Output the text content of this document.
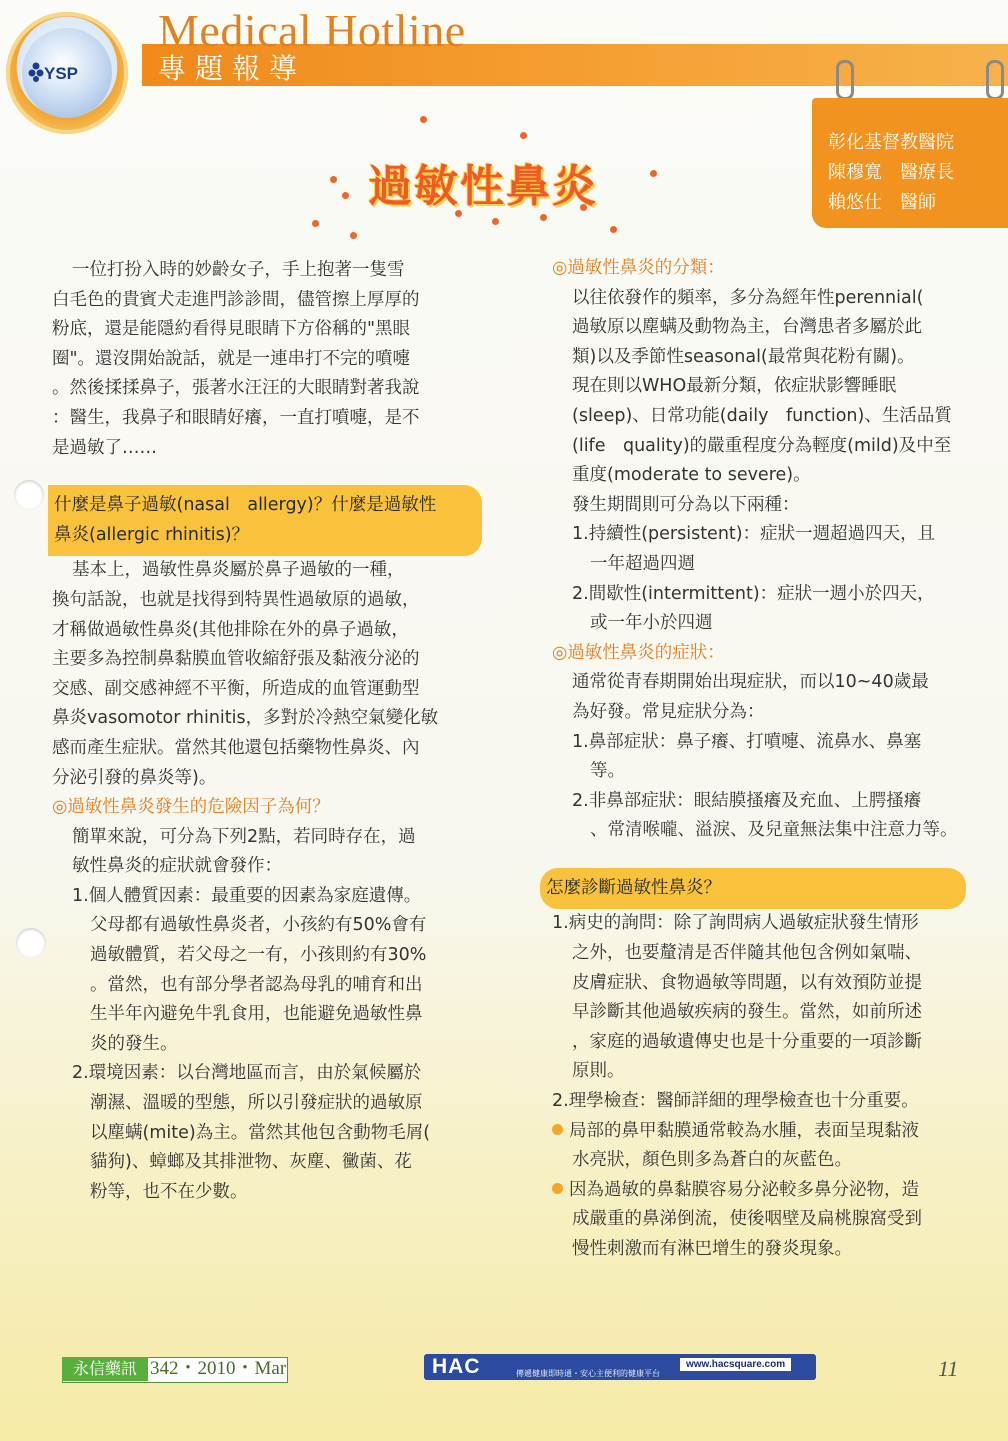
YSP
Medical Hotline
專題報導
彰化基督教醫院
陳穆寬　醫療長
賴悠仕　醫師
過敏性鼻炎

一位打扮入時的妙齡女子，手上抱著一隻雪

白毛色的貴賓犬走進門診診間，儘管擦上厚厚的

粉底，還是能隱約看得見眼睛下方俗稱的"黑眼

圈"。還沒開始說話，就是一連串打不完的噴嚏

。然後揉揉鼻子，張著水汪汪的大眼睛對著我說

：醫生，我鼻子和眼睛好癢，一直打噴嚏，是不

是過敏了……

什麼是鼻子過敏(nasal　allergy)？什麼是過敏性

鼻炎(allergic rhinitis)？

基本上，過敏性鼻炎屬於鼻子過敏的一種，

換句話說，也就是找得到特異性過敏原的過敏，

才稱做過敏性鼻炎(其他排除在外的鼻子過敏，

主要多為控制鼻黏膜血管收縮舒張及黏液分泌的

交感、副交感神經不平衡，所造成的血管運動型

鼻炎vasomotor rhinitis，多對於冷熱空氣變化敏

感而產生症狀。當然其他還包括藥物性鼻炎、內

分泌引發的鼻炎等)。

◎過敏性鼻炎發生的危險因子為何？

簡單來說，可分為下列2點，若同時存在，過

敏性鼻炎的症狀就會發作：

1.個人體質因素：最重要的因素為家庭遺傳。

父母都有過敏性鼻炎者，小孩約有50%會有

過敏體質，若父母之一有，小孩則約有30%

。當然，也有部分學者認為母乳的哺育和出

生半年內避免牛乳食用，也能避免過敏性鼻

炎的發生。

2.環境因素：以台灣地區而言，由於氣候屬於

潮濕、溫暖的型態，所以引發症狀的過敏原

以塵螨(mite)為主。當然其他包含動物毛屑(

貓狗)、蟑螂及其排泄物、灰塵、黴菌、花

粉等，也不在少數。

◎過敏性鼻炎的分類：

以往依發作的頻率，多分為經年性perennial(

過敏原以塵螨及動物為主，台灣患者多屬於此

類)以及季節性seasonal(最常與花粉有關)。

現在則以WHO最新分類，依症狀影響睡眠

(sleep)、日常功能(daily　function)、生活品質

(life　quality)的嚴重程度分為輕度(mild)及中至

重度(moderate to severe)。

發生期間則可分為以下兩種：

1.持續性(persistent)：症狀一週超過四天，且

一年超過四週

2.間歇性(intermittent)：症狀一週小於四天，

或一年小於四週

◎過敏性鼻炎的症狀：

通常從青春期開始出現症狀，而以10~40歲最

為好發。常見症狀分為：

1.鼻部症狀：鼻子癢、打噴嚏、流鼻水、鼻塞

等。

2.非鼻部症狀：眼結膜搔癢及充血、上腭搔癢

、常清喉嚨、溢淚、及兒童無法集中注意力等。

怎麼診斷過敏性鼻炎？

1.病史的詢問：除了詢問病人過敏症狀發生情形

之外，也要釐清是否伴隨其他包含例如氣喘、

皮膚症狀、食物過敏等問題，以有效預防並提

早診斷其他過敏疾病的發生。當然，如前所述

，家庭的過敏遺傳史也是十分重要的一項診斷

原則。

2.理學檢查：醫師詳細的理學檢查也十分重要。

局部的鼻甲黏膜通常較為水腫，表面呈現黏液

水亮狀，顏色則多為蒼白的灰藍色。

因為過敏的鼻黏膜容易分泌較多鼻分泌物，造

成嚴重的鼻涕倒流，使後咽壁及扁桃腺窩受到

慢性刺激而有淋巴增生的發炎現象。

永信藥訊 342・2010・Mar	HAC	傳遞健康即時通・安心主便利的健康平台
www.hacsquare.com	11
